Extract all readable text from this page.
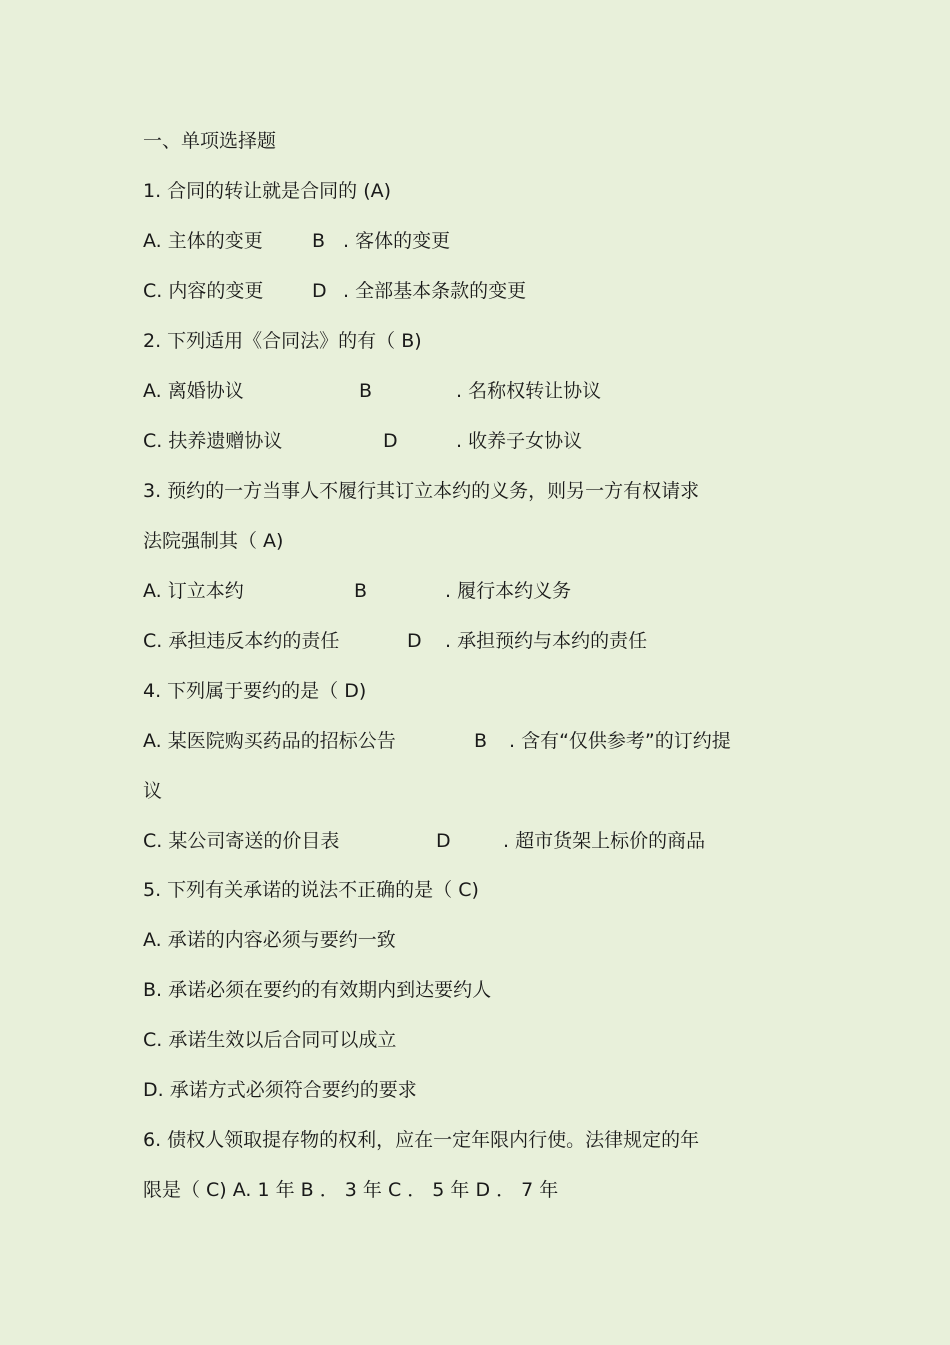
一、单项选择题
1. 合同的转让就是合同的 (A)
A. 主体的变更	B . 客体的变更
C. 内容的变更	D . 全部基本条款的变更
2. 下列适用《合同法》的有（ B)
A. 离婚协议	B	. 名称权转让协议
C. 扶养遗赠协议	D	. 收养子女协议
3. 预约的一方当事人不履行其订立本约的义务，则另一方有权请求
法院强制其（ A)
A. 订立本约	B	. 履行本约义务
C. 承担违反本约的责任	D . 承担预约与本约的责任
4. 下列属于要约的是（ D)
A. 某医院购买药品的招标公告	B . 含有“仅供参考”的订约提
议
C. 某公司寄送的价目表	D	. 超市货架上标价的商品
5. 下列有关承诺的说法不正确的是（ C)
A. 承诺的内容必须与要约一致
B. 承诺必须在要约的有效期内到达要约人
C. 承诺生效以后合同可以成立
D. 承诺方式必须符合要约的要求
6. 债权人领取提存物的权利，应在一定年限内行使。法律规定的年
限是（ C) A. 1 年 B ． 3 年 C ． 5 年 D ． 7 年
